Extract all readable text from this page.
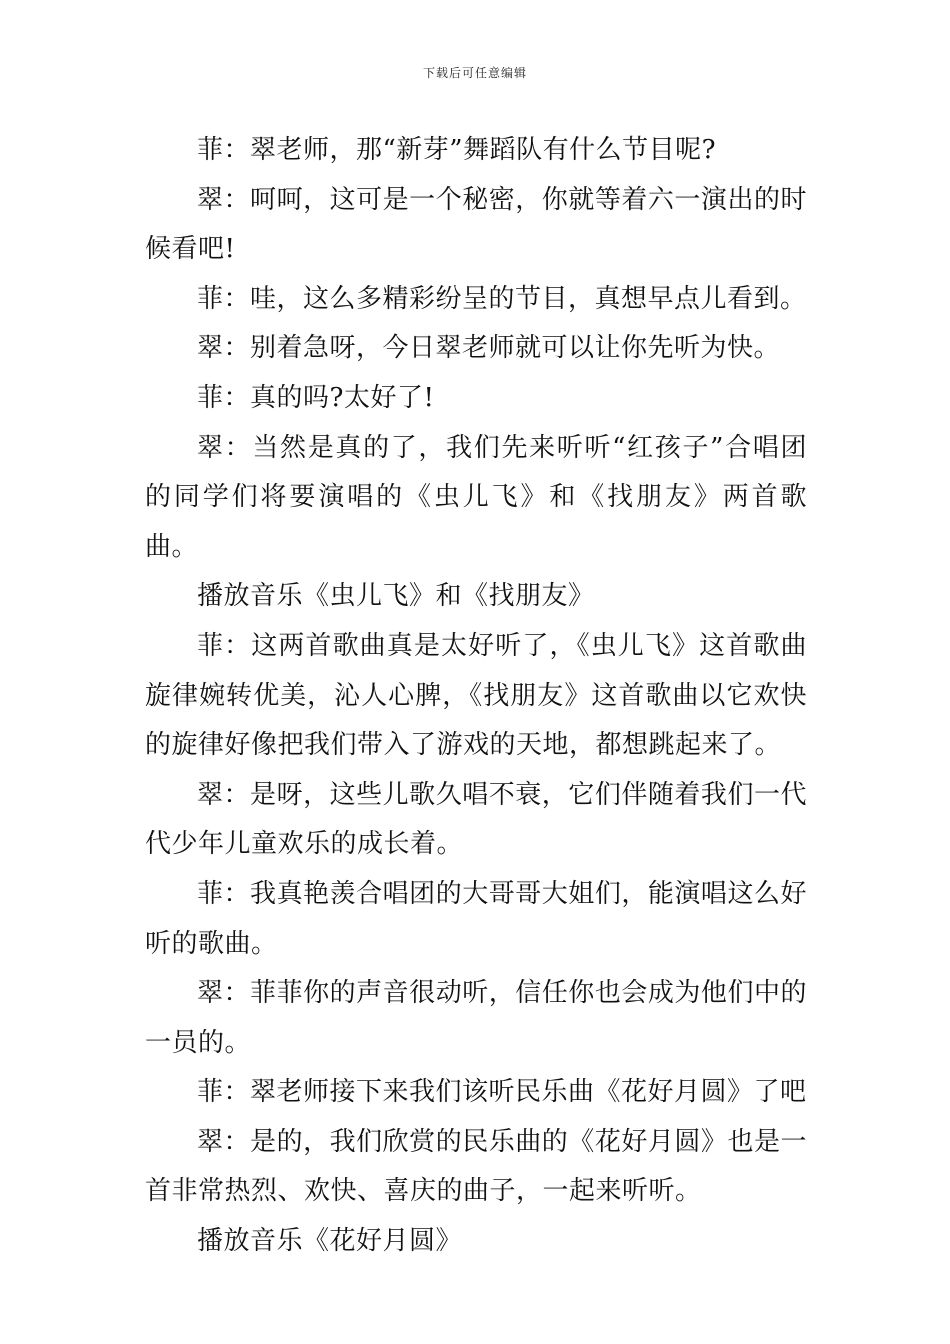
下载后可任意编辑

菲：翠老师，那“新芽”舞蹈队有什么节目呢?

翠：呵呵，这可是一个秘密，你就等着六一演出的时候看吧!

菲：哇，这么多精彩纷呈的节目，真想早点儿看到。

翠：别着急呀，今日翠老师就可以让你先听为快。

菲：真的吗?太好了!

翠：当然是真的了，我们先来听听“红孩子”合唱团的同学们将要演唱的《虫儿飞》和《找朋友》两首歌曲。

播放音乐《虫儿飞》和《找朋友》

菲：这两首歌曲真是太好听了，《虫儿飞》这首歌曲旋律婉转优美，沁人心脾，《找朋友》这首歌曲以它欢快的旋律好像把我们带入了游戏的天地，都想跳起来了。

翠：是呀，这些儿歌久唱不衰，它们伴随着我们一代代少年儿童欢乐的成长着。

菲：我真艳羡合唱团的大哥哥大姐们，能演唱这么好听的歌曲。

翠：菲菲你的声音很动听，信任你也会成为他们中的一员的。

菲：翠老师接下来我们该听民乐曲《花好月圆》了吧

翠：是的，我们欣赏的民乐曲的《花好月圆》也是一首非常热烈、欢快、喜庆的曲子，一起来听听。

播放音乐《花好月圆》
